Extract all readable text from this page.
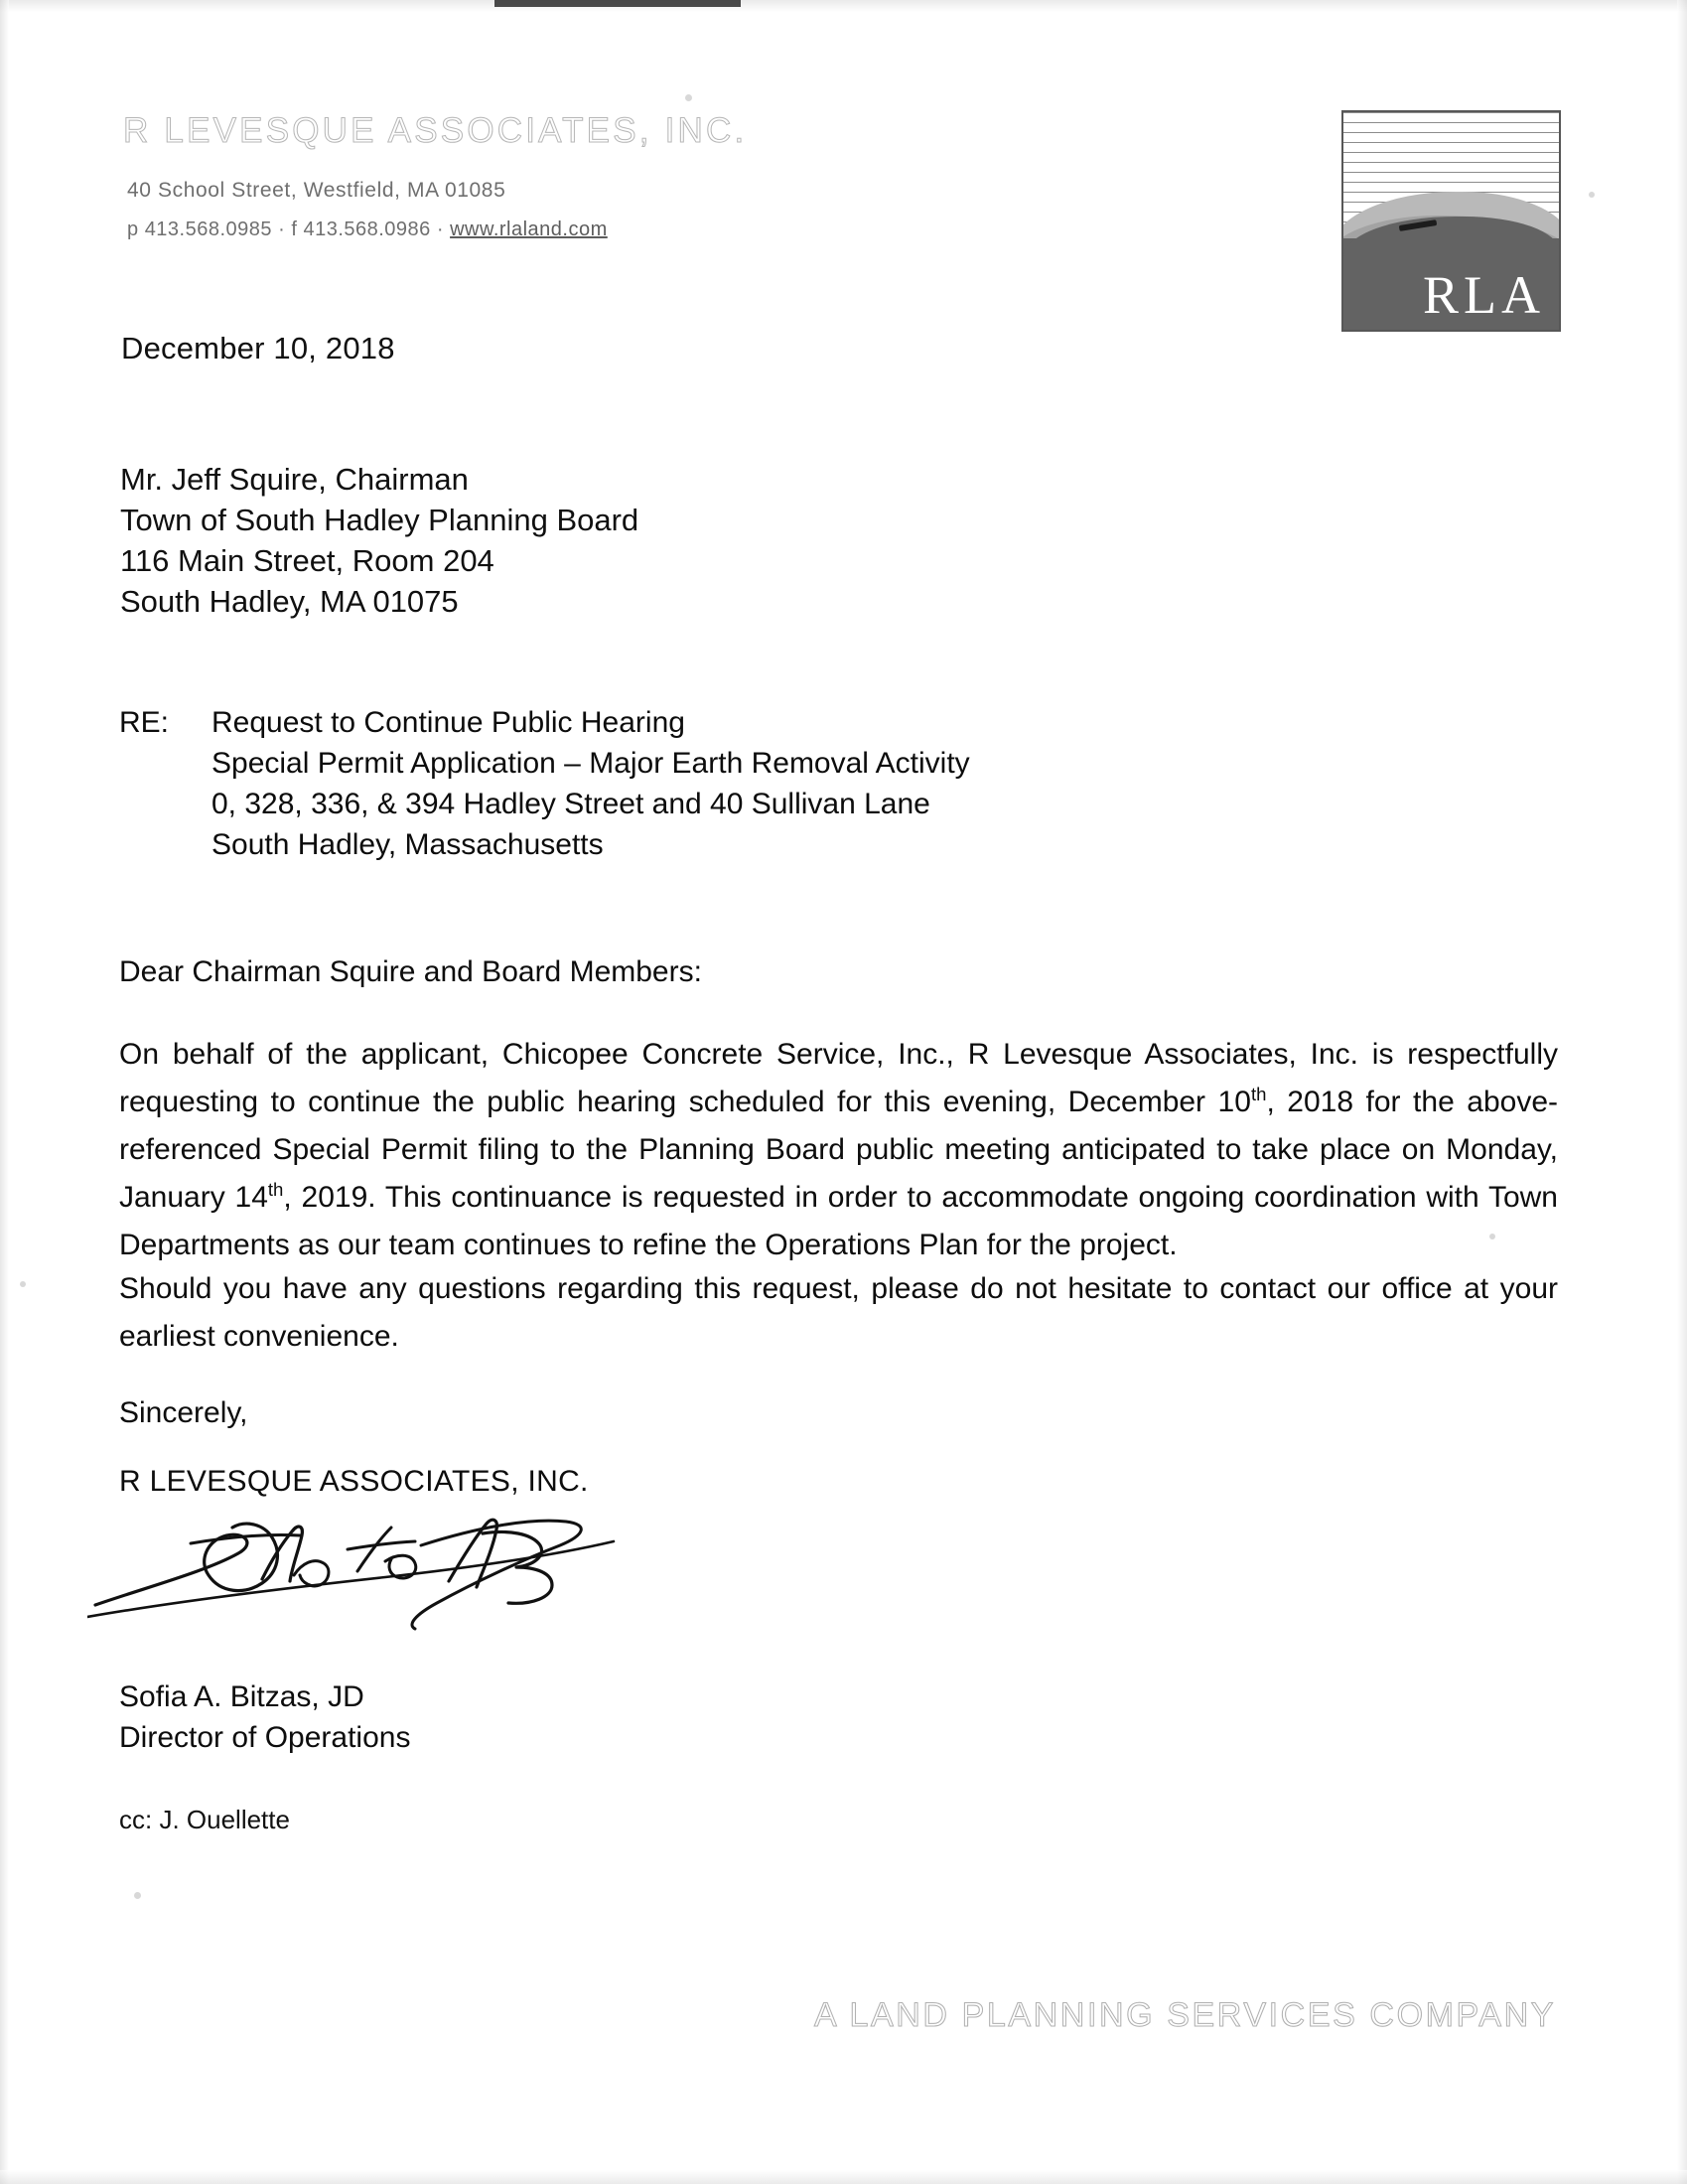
R LEVESQUE ASSOCIATES, INC.
40 School Street, Westfield, MA 01085
p 413.568.0985 · f 413.568.0986 · www.rlaland.com
RLA
December 10, 2018
Mr. Jeff Squire, Chairman
Town of South Hadley Planning Board
116 Main Street, Room 204
South Hadley, MA 01075
RE: Request to Continue Public Hearing
Special Permit Application – Major Earth Removal Activity
0, 328, 336, & 394 Hadley Street and 40 Sullivan Lane
South Hadley, Massachusetts
Dear Chairman Squire and Board Members:
On behalf of the applicant, Chicopee Concrete Service, Inc., R Levesque Associates, Inc. is respectfully requesting to continue the public hearing scheduled for this evening, December 10th, 2018 for the above-referenced Special Permit filing to the Planning Board public meeting anticipated to take place on Monday, January 14th, 2019. This continuance is requested in order to accommodate ongoing coordination with Town Departments as our team continues to refine the Operations Plan for the project.
Should you have any questions regarding this request, please do not hesitate to contact our office at your earliest convenience.
Sincerely,
R LEVESQUE ASSOCIATES, INC.
Sofia A. Bitzas, JD
Director of Operations
cc: J. Ouellette
A LAND PLANNING SERVICES COMPANY
